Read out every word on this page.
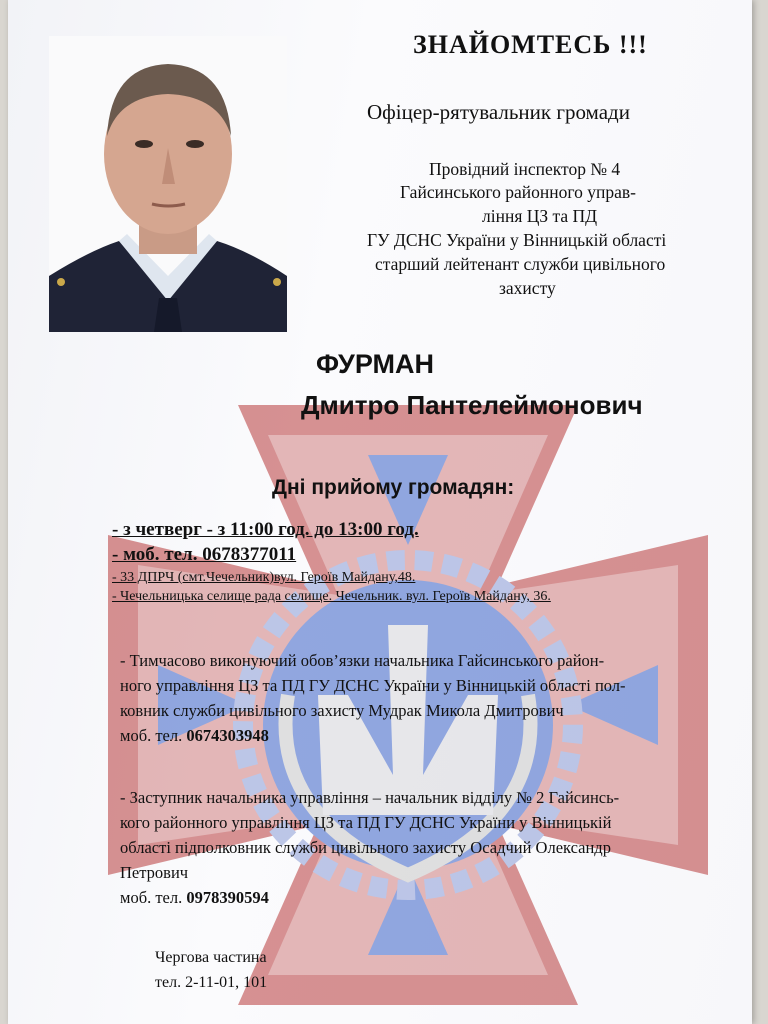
ЗНАЙОМТЕСЬ !!!
Офіцер-рятувальник громади
Провідний інспектор № 4
Гайсинського районного управ-
ління ЦЗ та ПД
ГУ ДСНС України у Вінницькій області
старший лейтенант служби цивільного
захисту
ФУРМАН
Дмитро Пантелеймонович
Дні прийому громадян:
- з четверг - з 11:00 год. до 13:00 год.
- моб. тел. 0678377011
- 33 ДПРЧ (смт.Чечельник)вул. Героїв Майдану,48.
- Чечельницька селище рада селище. Чечельник. вул. Героїв Майдану, 36.
- Тимчасово виконуючий обов’язки начальника Гайсинського район-
ного управління ЦЗ та ПД ГУ ДСНС України у Вінницькій області пол-
ковник служби цивільного захисту Мудрак Микола Дмитрович
моб. тел. 0674303948
- Заступник начальника управління – начальник відділу № 2 Гайсинсь-
кого районного управління ЦЗ та ПД ГУ ДСНС України у Вінницькій
області підполковник служби цивільного захисту Осадчий Олександр
Петрович
моб. тел. 0978390594
Чергова частина
тел. 2-11-01, 101
